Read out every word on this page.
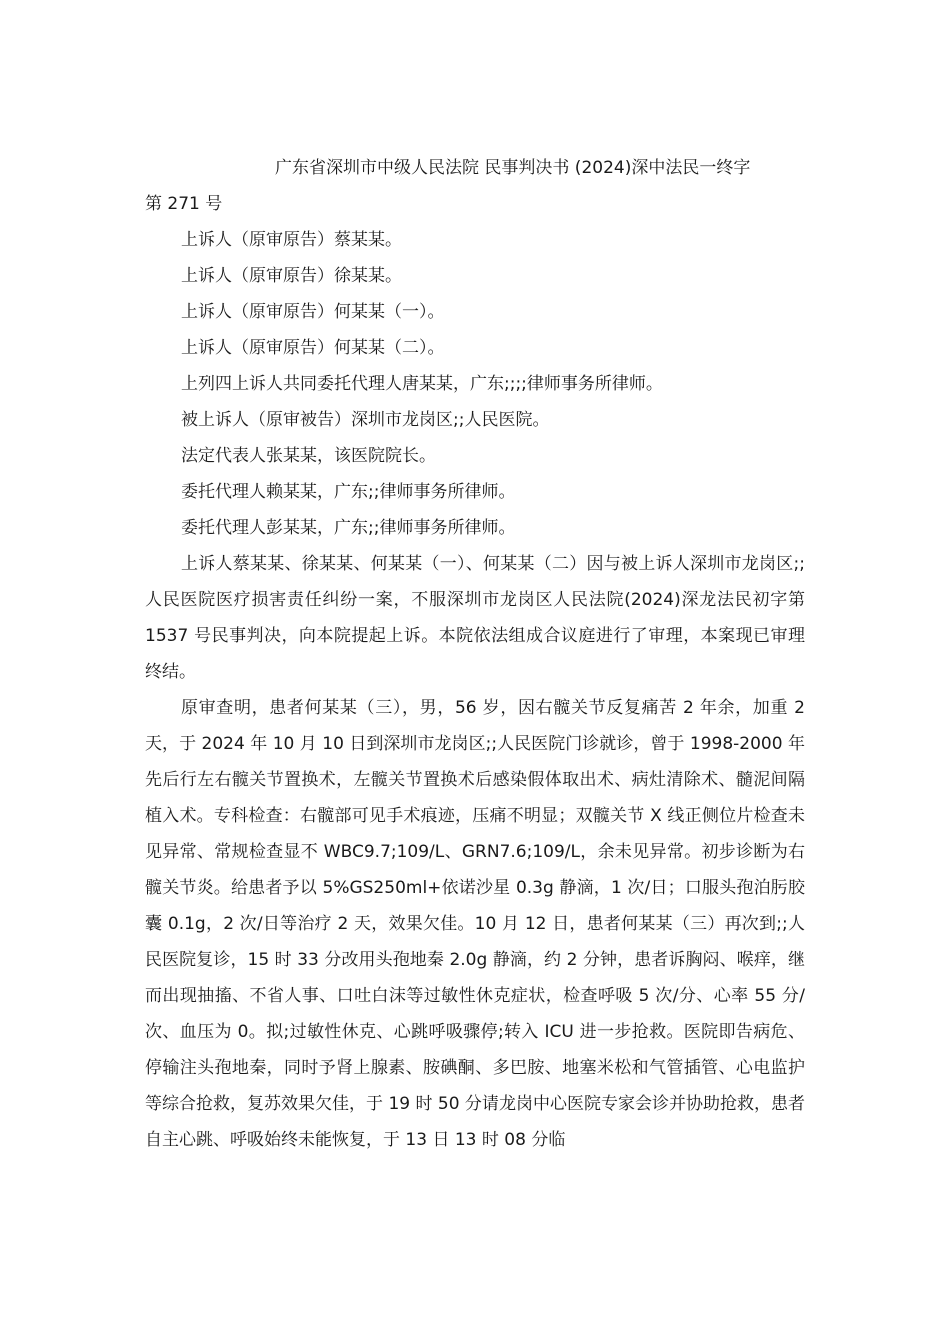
广东省深圳市中级人民法院 民事判决书 (2024)深中法民一终字

第 271 号

上诉人（原审原告）蔡某某。

上诉人（原审原告）徐某某。

上诉人（原审原告）何某某（一）。

上诉人（原审原告）何某某（二）。

上列四上诉人共同委托代理人唐某某，广东;;;;律师事务所律师。

被上诉人（原审被告）深圳市龙岗区;;人民医院。

法定代表人张某某，该医院院长。

委托代理人赖某某，广东;;律师事务所律师。

委托代理人彭某某，广东;;律师事务所律师。

上诉人蔡某某、徐某某、何某某（一）、何某某（二）因与被上诉人深圳市龙岗区;;人民医院医疗损害责任纠纷一案，不服深圳市龙岗区人民法院(2024)深龙法民初字第 1537 号民事判决，向本院提起上诉。本院依法组成合议庭进行了审理，本案现已审理终结。

原审查明，患者何某某（三），男，56 岁，因右髋关节反复痛苦 2 年余，加重 2 天，于 2024 年 10 月 10 日到深圳市龙岗区;;人民医院门诊就诊，曾于 1998-2000 年先后行左右髋关节置换术，左髋关节置换术后感染假体取出术、病灶清除术、髓泥间隔植入术。专科检查：右髋部可见手术痕迹，压痛不明显；双髋关节 X 线正侧位片检查未见异常、常规检查显不 WBC9.7;109/L、GRN7.6;109/L，余未见异常。初步诊断为右髋关节炎。给患者予以 5%GS250ml+依诺沙星 0.3g 静滴，1 次/日；口服头孢泊肟胶囊 0.1g，2 次/日等治疗 2 天，效果欠佳。10 月 12 日，患者何某某（三）再次到;;人民医院复诊，15 时 33 分改用头孢地秦 2.0g 静滴，约 2 分钟，患者诉胸闷、喉痒，继而出现抽搐、不省人事、口吐白沫等过敏性休克症状，检查呼吸 5 次/分、心率 55 分/次、血压为 0。拟;过敏性休克、心跳呼吸骤停;转入 ICU 进一步抢救。医院即告病危、停输注头孢地秦，同时予肾上腺素、胺碘酮、多巴胺、地塞米松和气管插管、心电监护等综合抢救，复苏效果欠佳，于 19 时 50 分请龙岗中心医院专家会诊并协助抢救，患者自主心跳、呼吸始终未能恢复，于 13 日 13 时 08 分临
